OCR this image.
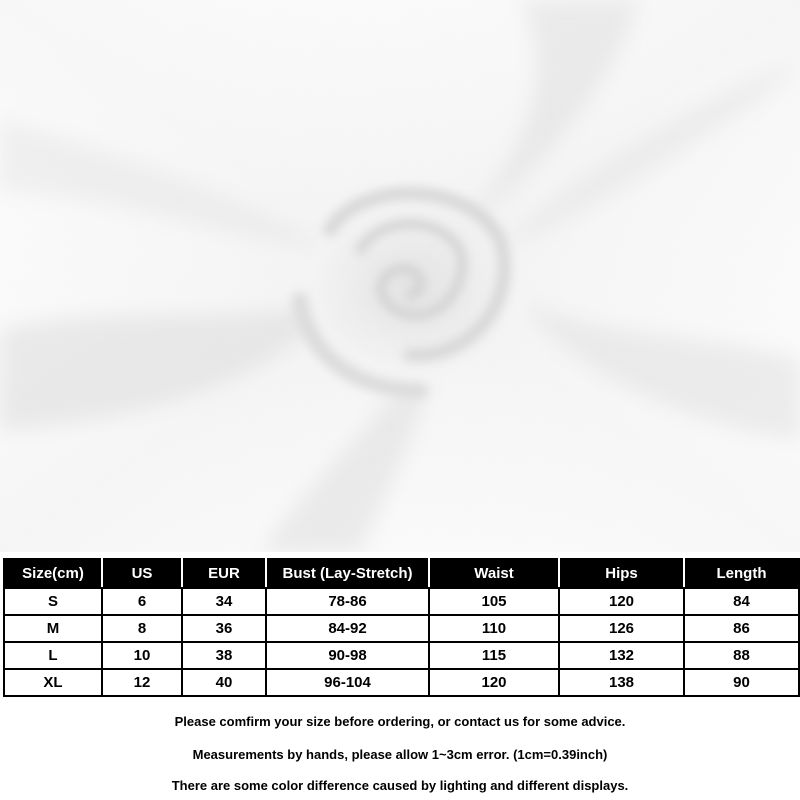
Size(cm)	US	EUR	Bust (Lay-Stretch)	Waist	Hips	Length
S	6	34	78-86	105	120	84
M	8	36	84-92	110	126	86
L	10	38	90-98	115	132	88
XL	12	40	96-104	120	138	90
Please comfirm your size before ordering, or contact us for some advice.
Measurements by hands, please allow 1~3cm error. (1cm=0.39inch)
There are some color difference caused by lighting and different displays.
